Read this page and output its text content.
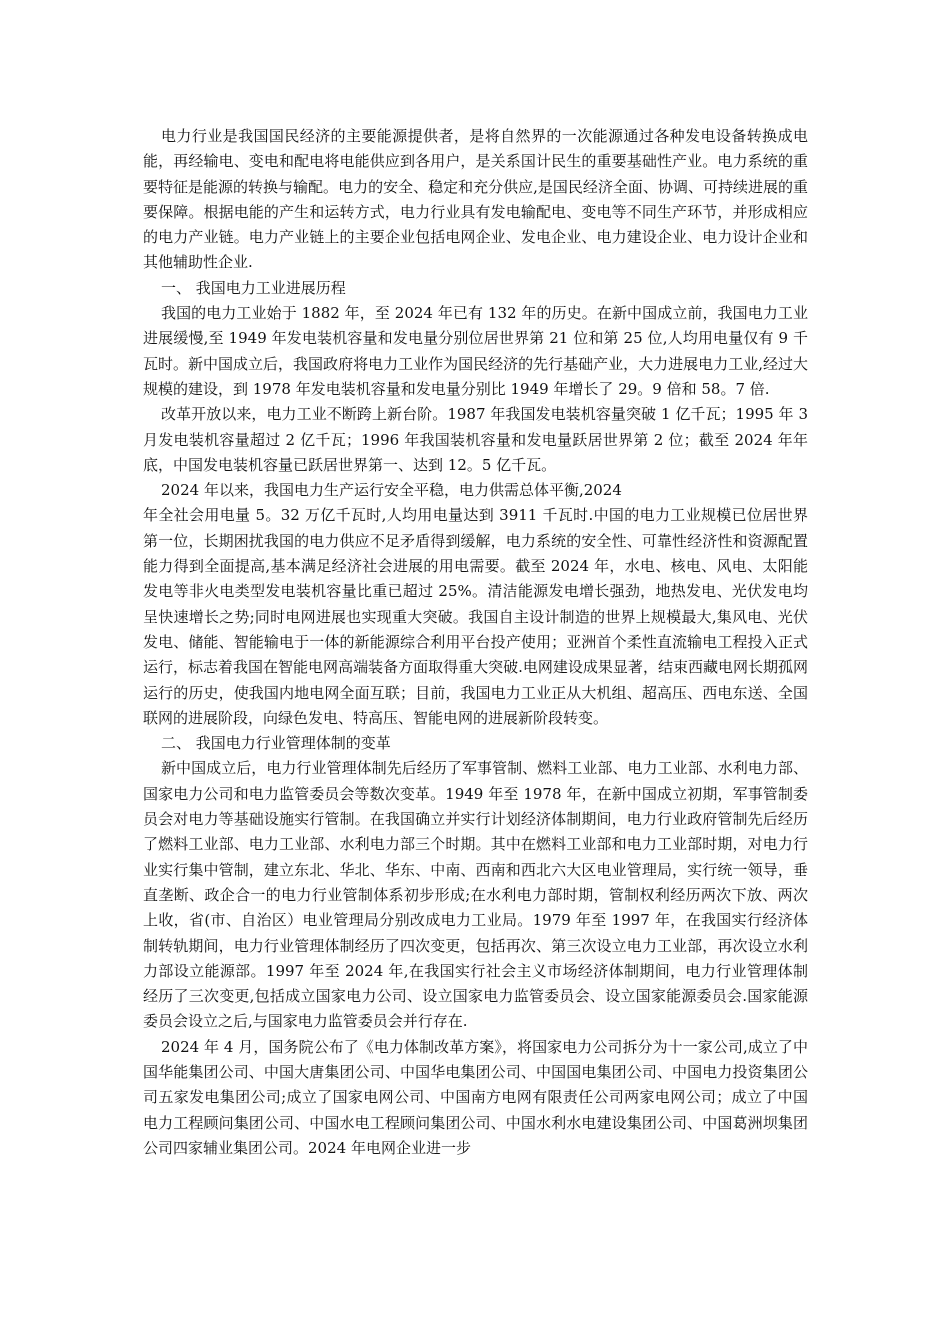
电力行业是我国国民经济的主要能源提供者，是将自然界的一次能源通过各种发电设备转换成电能，再经输电、变电和配电将电能供应到各用户，是关系国计民生的重要基础性产业。电力系统的重要特征是能源的转换与输配。电力的安全、稳定和充分供应,是国民经济全面、协调、可持续进展的重要保障。根据电能的产生和运转方式，电力行业具有发电输配电、变电等不同生产环节，并形成相应的电力产业链。电力产业链上的主要企业包括电网企业、发电企业、电力建设企业、电力设计企业和其他辅助性企业.

一、 我国电力工业进展历程

我国的电力工业始于 1882 年，至 2024 年已有 132 年的历史。在新中国成立前，我国电力工业进展缓慢,至 1949 年发电装机容量和发电量分别位居世界第 21 位和第 25 位,人均用电量仅有 9 千瓦时。新中国成立后，我国政府将电力工业作为国民经济的先行基础产业，大力进展电力工业,经过大规模的建设，到 1978 年发电装机容量和发电量分别比 1949 年增长了 29。9 倍和 58。7 倍.

改革开放以来，电力工业不断跨上新台阶。1987 年我国发电装机容量突破 1 亿千瓦；1995 年 3 月发电装机容量超过 2 亿千瓦；1996 年我国装机容量和发电量跃居世界第 2 位；截至 2024 年年底，中国发电装机容量已跃居世界第一、达到 12。5 亿千瓦。

2024 年以来，我国电力生产运行安全平稳，电力供需总体平衡,2024

年全社会用电量 5。32 万亿千瓦时,人均用电量达到 3911 千瓦时.中国的电力工业规模已位居世界第一位，长期困扰我国的电力供应不足矛盾得到缓解，电力系统的安全性、可靠性经济性和资源配置能力得到全面提高,基本满足经济社会进展的用电需要。截至 2024 年，水电、核电、风电、太阳能发电等非火电类型发电装机容量比重已超过 25%。清洁能源发电增长强劲，地热发电、光伏发电均呈快速增长之势;同时电网进展也实现重大突破。我国自主设计制造的世界上规模最大,集风电、光伏发电、储能、智能输电于一体的新能源综合利用平台投产使用；亚洲首个柔性直流输电工程投入正式运行，标志着我国在智能电网高端装备方面取得重大突破.电网建设成果显著，结束西藏电网长期孤网运行的历史，使我国内地电网全面互联；目前，我国电力工业正从大机组、超高压、西电东送、全国联网的进展阶段，向绿色发电、特高压、智能电网的进展新阶段转变。

二、 我国电力行业管理体制的变革

新中国成立后，电力行业管理体制先后经历了军事管制、燃料工业部、电力工业部、水利电力部、国家电力公司和电力监管委员会等数次变革。1949 年至 1978 年，在新中国成立初期，军事管制委员会对电力等基础设施实行管制。在我国确立并实行计划经济体制期间，电力行业政府管制先后经历了燃料工业部、电力工业部、水利电力部三个时期。其中在燃料工业部和电力工业部时期，对电力行业实行集中管制，建立东北、华北、华东、中南、西南和西北六大区电业管理局，实行统一领导，垂直垄断、政企合一的电力行业管制体系初步形成;在水利电力部时期，管制权利经历两次下放、两次上收，省(市、自治区）电业管理局分别改成电力工业局。1979 年至 1997 年，在我国实行经济体制转轨期间，电力行业管理体制经历了四次变更，包括再次、第三次设立电力工业部，再次设立水利力部设立能源部。1997 年至 2024 年,在我国实行社会主义市场经济体制期间，电力行业管理体制经历了三次变更,包括成立国家电力公司、设立国家电力监管委员会、设立国家能源委员会.国家能源委员会设立之后,与国家电力监管委员会并行存在.

2024 年 4 月，国务院公布了《电力体制改革方案》，将国家电力公司拆分为十一家公司,成立了中国华能集团公司、中国大唐集团公司、中国华电集团公司、中国国电集团公司、中国电力投资集团公司五家发电集团公司;成立了国家电网公司、中国南方电网有限责任公司两家电网公司；成立了中国电力工程顾问集团公司、中国水电工程顾问集团公司、中国水利水电建设集团公司、中国葛洲坝集团公司四家辅业集团公司。2024 年电网企业进一步
